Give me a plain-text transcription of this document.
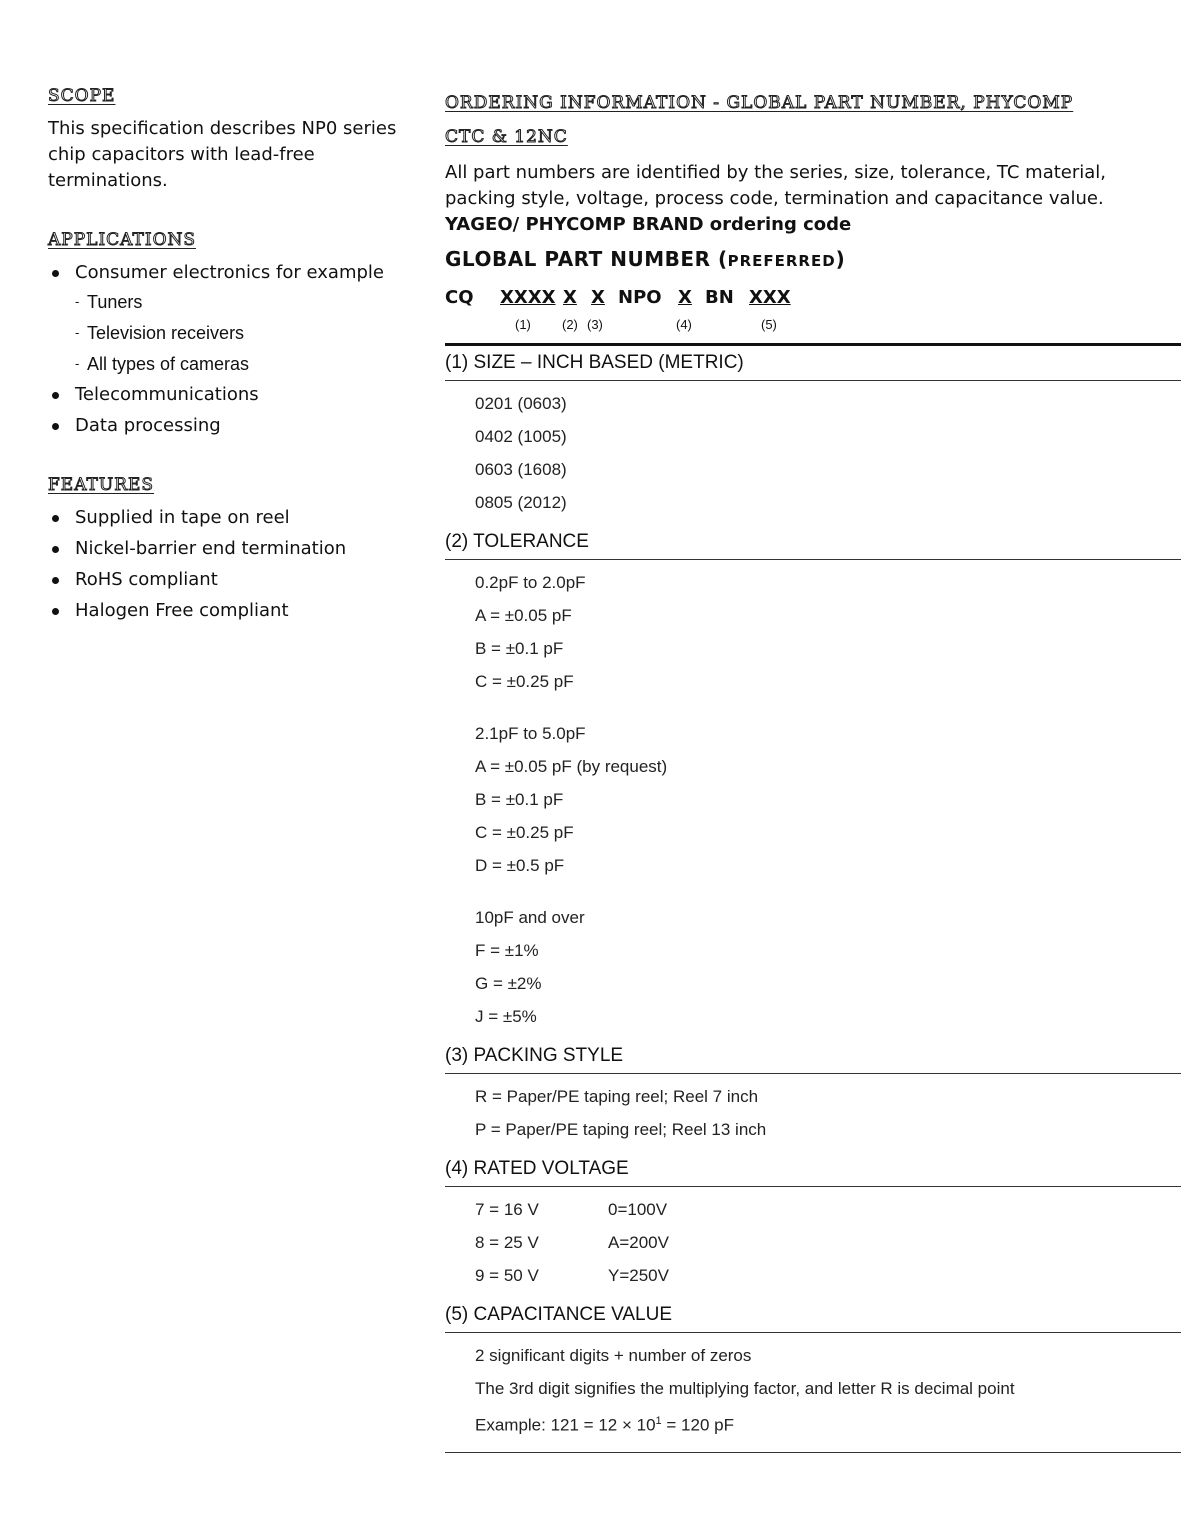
SCOPE
This specification describes NP0 series chip capacitors with lead-free terminations.
APPLICATIONS
Consumer electronics for example
- Tuners
- Television receivers
- All types of cameras
Telecommunications
Data processing
FEATURES
Supplied in tape on reel
Nickel-barrier end termination
RoHS compliant
Halogen Free compliant
ORDERING INFORMATION - GLOBAL PART NUMBER, PHYCOMP
CTC & 12NC
All part numbers are identified by the series, size, tolerance, TC material, packing style, voltage, process code, termination and capacitance value.
YAGEO/ PHYCOMP BRAND ordering code
GLOBAL PART NUMBER (PREFERRED)
CQ XXXX X X NPO X BN XXX
(1) (2) (3)	(4)	(5)
(1) SIZE – INCH BASED (METRIC)
0201 (0603)
0402 (1005)
0603 (1608)
0805 (2012)
(2) TOLERANCE
0.2pF to 2.0pF
A = ±0.05 pF
B = ±0.1 pF
C = ±0.25 pF
2.1pF to 5.0pF
A = ±0.05 pF (by request)
B = ±0.1 pF
C = ±0.25 pF
D = ±0.5 pF
10pF and over
F = ±1%
G = ±2%
J = ±5%
(3) PACKING STYLE
R = Paper/PE taping reel; Reel 7 inch
P = Paper/PE taping reel; Reel 13 inch
(4) RATED VOLTAGE
7 = 16 V	0=100V
8 = 25 V	A=200V
9 = 50 V	Y=250V
(5) CAPACITANCE VALUE
2 significant digits + number of zeros
The 3rd digit signifies the multiplying factor, and letter R is decimal point
Example: $121 = 12 \times 10^1 = 120$ pF
